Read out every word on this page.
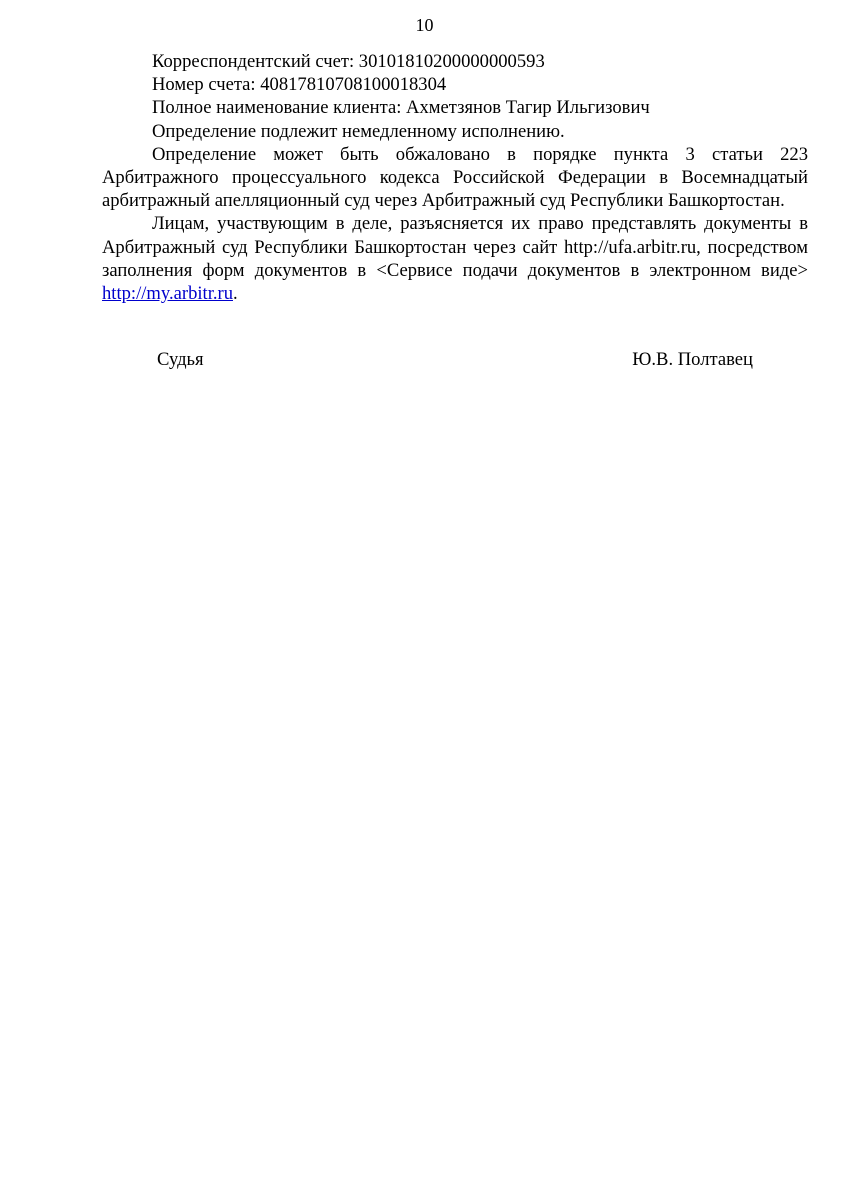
10

Корреспондентский счет: 30101810200000000593

Номер счета: 40817810708100018304

Полное наименование клиента: Ахметзянов Тагир Ильгизович

Определение подлежит немедленному исполнению.

Определение может быть обжаловано в порядке пункта 3 статьи 223 Арбитражного процессуального кодекса Российской Федерации в Восемнадцатый арбитражный апелляционный суд через Арбитражный суд Республики Башкортостан.

Лицам, участвующим в деле, разъясняется их право представлять документы в Арбитражный суд Республики Башкортостан через сайт http://ufa.arbitr.ru, посредством заполнения форм документов в <Сервисе подачи документов в электронном виде> http://my.arbitr.ru.

Судья	Ю.В. Полтавец
